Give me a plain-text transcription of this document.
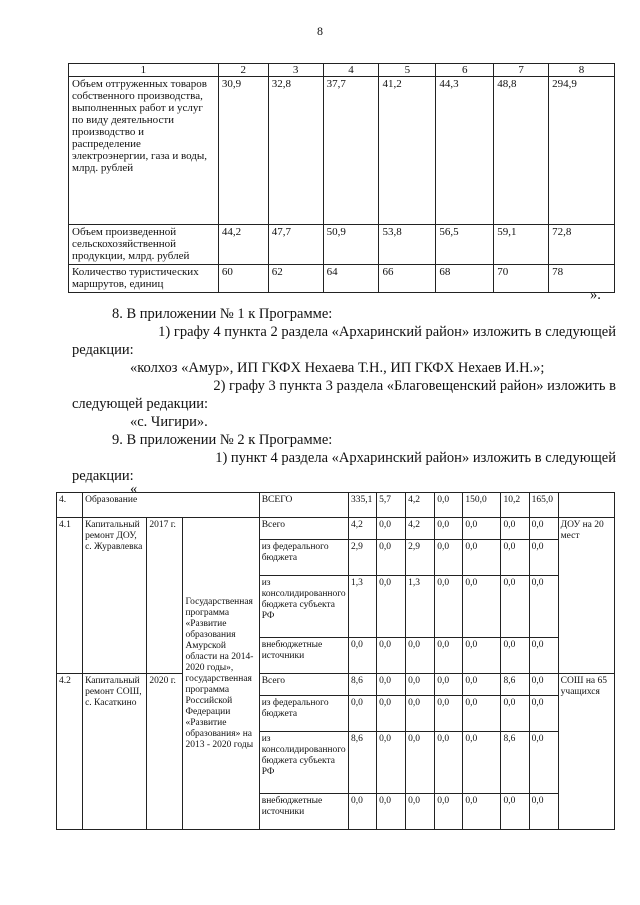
8
1	2	3	4	5	6	7	8
Объем отгруженных товаров собственного производства, выполненных работ и услуг по виду деятельности производство и распределение электроэнергии, газа и воды, млрд. рублей	30,9	32,8	37,7	41,2	44,3	48,8	294,9
Объем произведенной сельскохозяйственной продукции, млрд. рублей	44,2	47,7	50,9	53,8	56,5	59,1	72,8
Количество туристических маршрутов, единиц	60	62	64	66	68	70	78
».
8. В приложении № 1 к Программе:
1) графу 4 пункта 2 раздела «Архаринский район» изложить в следующей
редакции:
«колхоз «Амур», ИП ГКФХ Нехаева Т.Н., ИП ГКФХ Нехаев И.Н.»;
2) графу 3 пункта 3 раздела «Благовещенский район» изложить в
следующей редакции:
«с. Чигири».
9. В приложении № 2 к Программе:
1) пункт 4 раздела «Архаринский район» изложить в следующей
редакции:
«
4.	Образование			ВСЕГО	335,1	5,7	4,2	0,0	150,0	10,2	165,0	
4.1	Капитальный ремонт ДОУ, с. Журавлевка	2017 г.	Государственная программа «Развитие образования Амурской области на 2014-2020 годы», государственная программа Российской Федерации «Развитие образования» на 2013 - 2020 годы	Всего	4,2	0,0	4,2	0,0	0,0	0,0	0,0	ДОУ на 20 мест
				из федерального бюджета	2,9	0,0	2,9	0,0	0,0	0,0	0,0	
				из консолидированного бюджета субъекта РФ	1,3	0,0	1,3	0,0	0,0	0,0	0,0	
				внебюджетные источники	0,0	0,0	0,0	0,0	0,0	0,0	0,0	
4.2	Капитальный ремонт СОШ, с. Касаткино	2020 г.		Всего	8,6	0,0	0,0	0,0	0,0	8,6	0,0	СОШ на 65 учащихся
				из федерального бюджета	0,0	0,0	0,0	0,0	0,0	0,0	0,0	
				из консолидированного бюджета субъекта РФ	8,6	0,0	0,0	0,0	0,0	8,6	0,0	
				внебюджетные источники	0,0	0,0	0,0	0,0	0,0	0,0	0,0	
